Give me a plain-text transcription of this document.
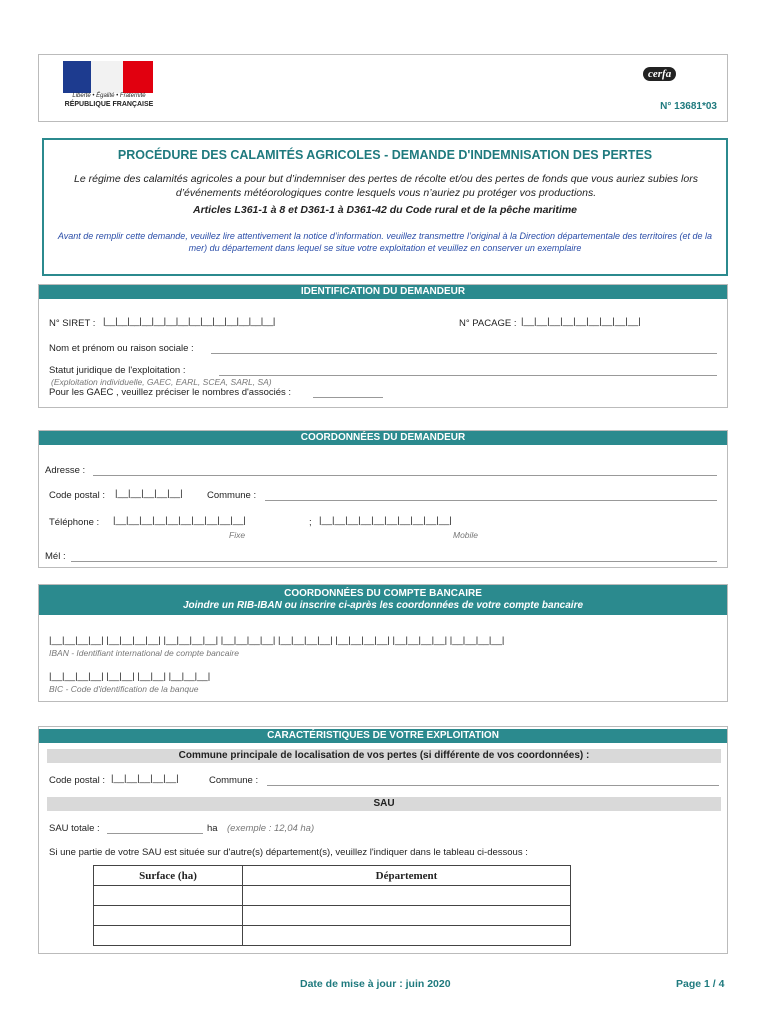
Liberté • Égalité • Fraternité
RÉPUBLIQUE FRANÇAISE
cerfa
N° 13681*03
PROCÉDURE DES CALAMITÉS AGRICOLES - DEMANDE D'INDEMNISATION DES PERTES
Le régime des calamités agricoles a pour but d’indemniser des pertes de récolte et/ou des pertes de fonds que vous auriez subies lors d’événements météorologiques contre lesquels vous n’auriez pu protéger vos productions.
Articles L361-1 à 8 et D361-1 à D361-42 du Code rural et de la pêche maritime
Avant de remplir cette demande, veuillez lire attentivement la notice d’information. veuillez transmettre l’original à la Direction départementale des territoires (et de la mer) du département dans lequel se situe votre exploitation et veuillez en conserver un exemplaire
IDENTIFICATION DU DEMANDEUR
N° SIRET : |__|__|__|__|__|__|__|__|__|__|__|__|__|__|	N° PACAGE : |__|__|__|__|__|__|__|__|__|
Nom et prénom ou raison sociale :
Statut juridique de l'exploitation :
(Exploitation individuelle, GAEC, EARL, SCEA, SARL, SA)
Pour les GAEC , veuillez préciser le nombres d'associés :
COORDONNÉES DU DEMANDEUR
Adresse :
Code postal : |__|__|__|__|__|	Commune :
Téléphone : |__|__|__|__|__|__|__|__|__|__|	; |__|__|__|__|__|__|__|__|__|__|
Fixe	Mobile
Mél :
COORDONNÉES DU COMPTE BANCAIRE
Joindre un RIB-IBAN ou inscrire ci-après les coordonnées de votre compte bancaire
|__|__|__|__| |__|__|__|__| |__|__|__|__| |__|__|__|__| |__|__|__|__| |__|__|__|__| |__|__|__|__| |__|__|__|__|
IBAN - Identifiant international de compte bancaire
|__|__|__|__| |__|__| |__|__| |__|__|__|
BIC - Code d'identification de la banque
CARACTÉRISTIQUES DE VOTRE EXPLOITATION
Commune principale de localisation de vos pertes (si différente de vos coordonnées) :
Code postal : |__|__|__|__|__|	Commune :
SAU
SAU totale :	ha (exemple : 12,04 ha)
Si une partie de votre SAU est située sur d'autre(s) département(s), veuillez l'indiquer dans le tableau ci-dessous :
Surface (ha)	Département

Date de mise à jour : juin 2020	Page 1 / 4
